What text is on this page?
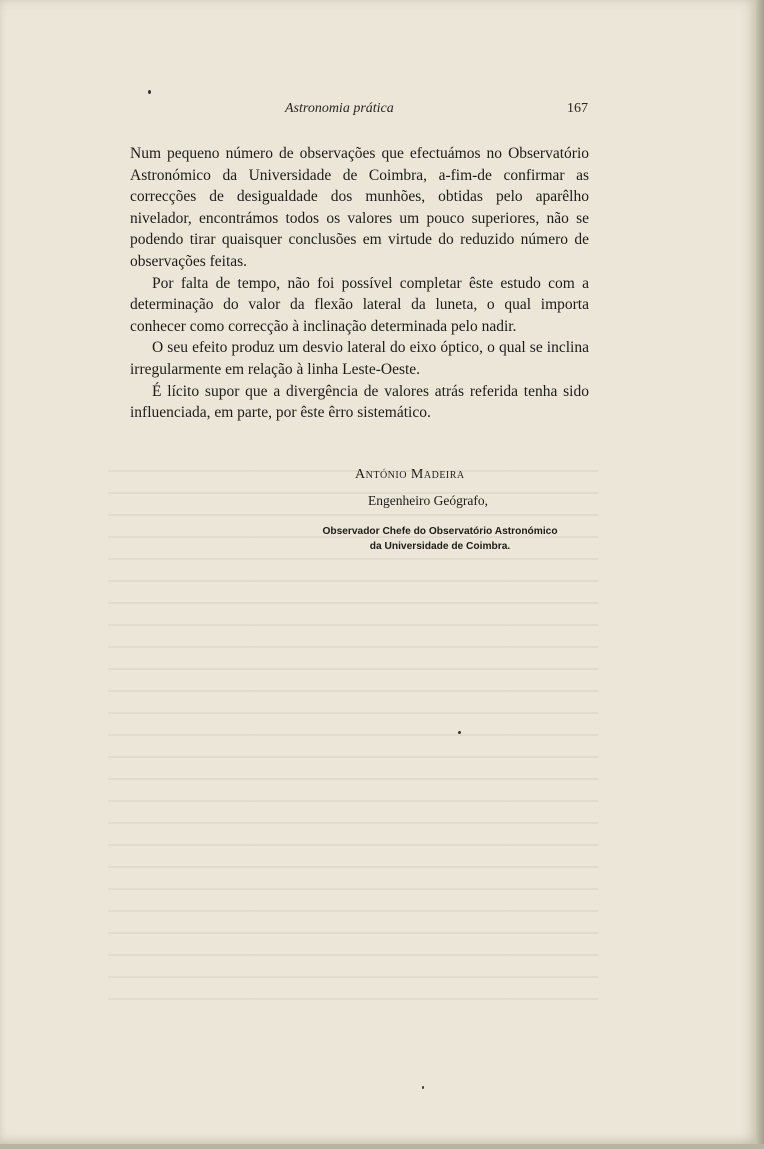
Astronomia prática	167

Num pequeno número de observações que efectuámos no Observatório Astronómico da Universidade de Coimbra, a-fim-de confirmar as correcções de desigualdade dos munhões, obtidas pelo aparêlho nivelador, encontrámos todos os valores um pouco superiores, não se podendo tirar quaisquer conclusões em virtude do reduzido número de observações feitas.

Por falta de tempo, não foi possível completar êste estudo com a determinação do valor da flexão lateral da luneta, o qual importa conhecer como correcção à inclinação determinada pelo nadir.

O seu efeito produz um desvio lateral do eixo óptico, o qual se inclina irregularmente em relação à linha Leste-Oeste.

É lícito supor que a divergência de valores atrás referida tenha sido influenciada, em parte, por êste êrro sistemático.

António Madeira
Engenheiro Geógrafo,
Observador Chefe do Observatório Astronómico
da Universidade de Coimbra.
